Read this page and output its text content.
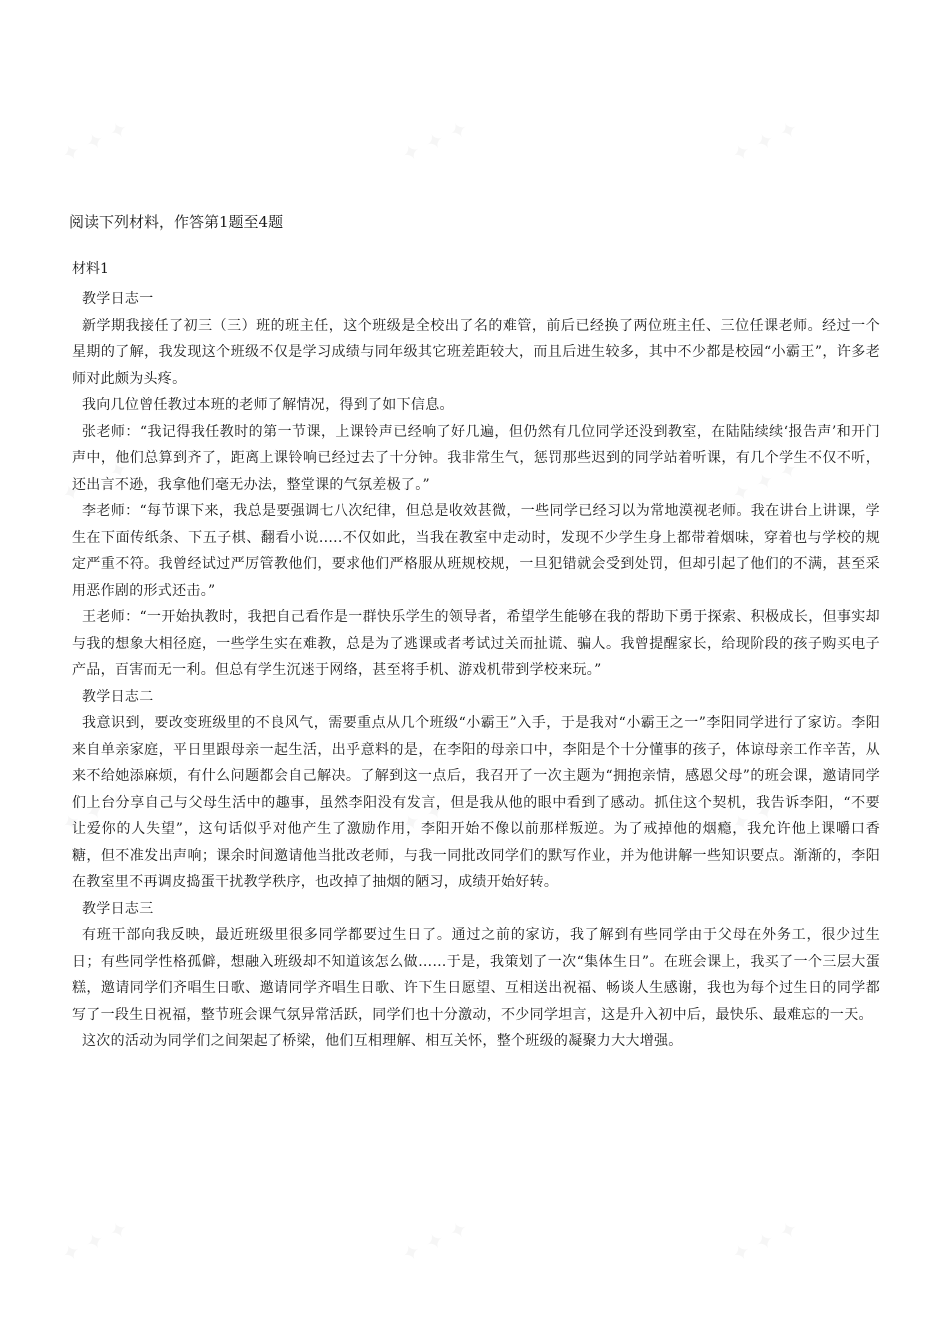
阅读下列材料，作答第1题至4题
材料1

教学日志一

新学期我接任了初三（三）班的班主任，这个班级是全校出了名的难管，前后已经换了两位班主任、三位任课老师。经过一个星期的了解，我发现这个班级不仅是学习成绩与同年级其它班差距较大，而且后进生较多，其中不少都是校园“小霸王”，许多老师对此颇为头疼。

我向几位曾任教过本班的老师了解情况，得到了如下信息。

张老师：“我记得我任教时的第一节课，上课铃声已经响了好几遍，但仍然有几位同学还没到教室，在陆陆续续‘报告声’和开门声中，他们总算到齐了，距离上课铃响已经过去了十分钟。我非常生气，惩罚那些迟到的同学站着听课，有几个学生不仅不听，还出言不逊，我拿他们毫无办法，整堂课的气氛差极了。”

李老师：“每节课下来，我总是要强调七八次纪律，但总是收效甚微，一些同学已经习以为常地漠视老师。我在讲台上讲课，学生在下面传纸条、下五子棋、翻看小说.....不仅如此，当我在教室中走动时，发现不少学生身上都带着烟味，穿着也与学校的规定严重不符。我曾经试过严厉管教他们，要求他们严格服从班规校规，一旦犯错就会受到处罚，但却引起了他们的不满，甚至采用恶作剧的形式还击。”

王老师：“一开始执教时，我把自己看作是一群快乐学生的领导者，希望学生能够在我的帮助下勇于探索、积极成长，但事实却与我的想象大相径庭，一些学生实在难教，总是为了逃课或者考试过关而扯谎、骗人。我曾提醒家长，给现阶段的孩子购买电子产品，百害而无一利。但总有学生沉迷于网络，甚至将手机、游戏机带到学校来玩。”

教学日志二

我意识到，要改变班级里的不良风气，需要重点从几个班级“小霸王”入手，于是我对“小霸王之一”李阳同学进行了家访。李阳来自单亲家庭，平日里跟母亲一起生活，出乎意料的是，在李阳的母亲口中，李阳是个十分懂事的孩子，体谅母亲工作辛苦，从来不给她添麻烦，有什么问题都会自己解决。了解到这一点后，我召开了一次主题为“拥抱亲情，感恩父母”的班会课，邀请同学们上台分享自己与父母生活中的趣事，虽然李阳没有发言，但是我从他的眼中看到了感动。抓住这个契机，我告诉李阳，“不要让爱你的人失望”，这句话似乎对他产生了激励作用，李阳开始不像以前那样叛逆。为了戒掉他的烟瘾，我允许他上课嚼口香糖，但不准发出声响；课余时间邀请他当批改老师，与我一同批改同学们的默写作业，并为他讲解一些知识要点。渐渐的，李阳在教室里不再调皮捣蛋干扰教学秩序，也改掉了抽烟的陋习，成绩开始好转。

教学日志三

有班干部向我反映，最近班级里很多同学都要过生日了。通过之前的家访，我了解到有些同学由于父母在外务工，很少过生日；有些同学性格孤僻，想融入班级却不知道该怎么做……于是，我策划了一次“集体生日”。在班会课上，我买了一个三层大蛋糕，邀请同学们齐唱生日歌、邀请同学齐唱生日歌、许下生日愿望、互相送出祝福、畅谈人生感谢，我也为每个过生日的同学都写了一段生日祝福，整节班会课气氛异常活跃，同学们也十分激动，不少同学坦言，这是升入初中后，最快乐、最难忘的一天。

这次的活动为同学们之间架起了桥梁，他们互相理解、相互关怀，整个班级的凝聚力大大增强。
